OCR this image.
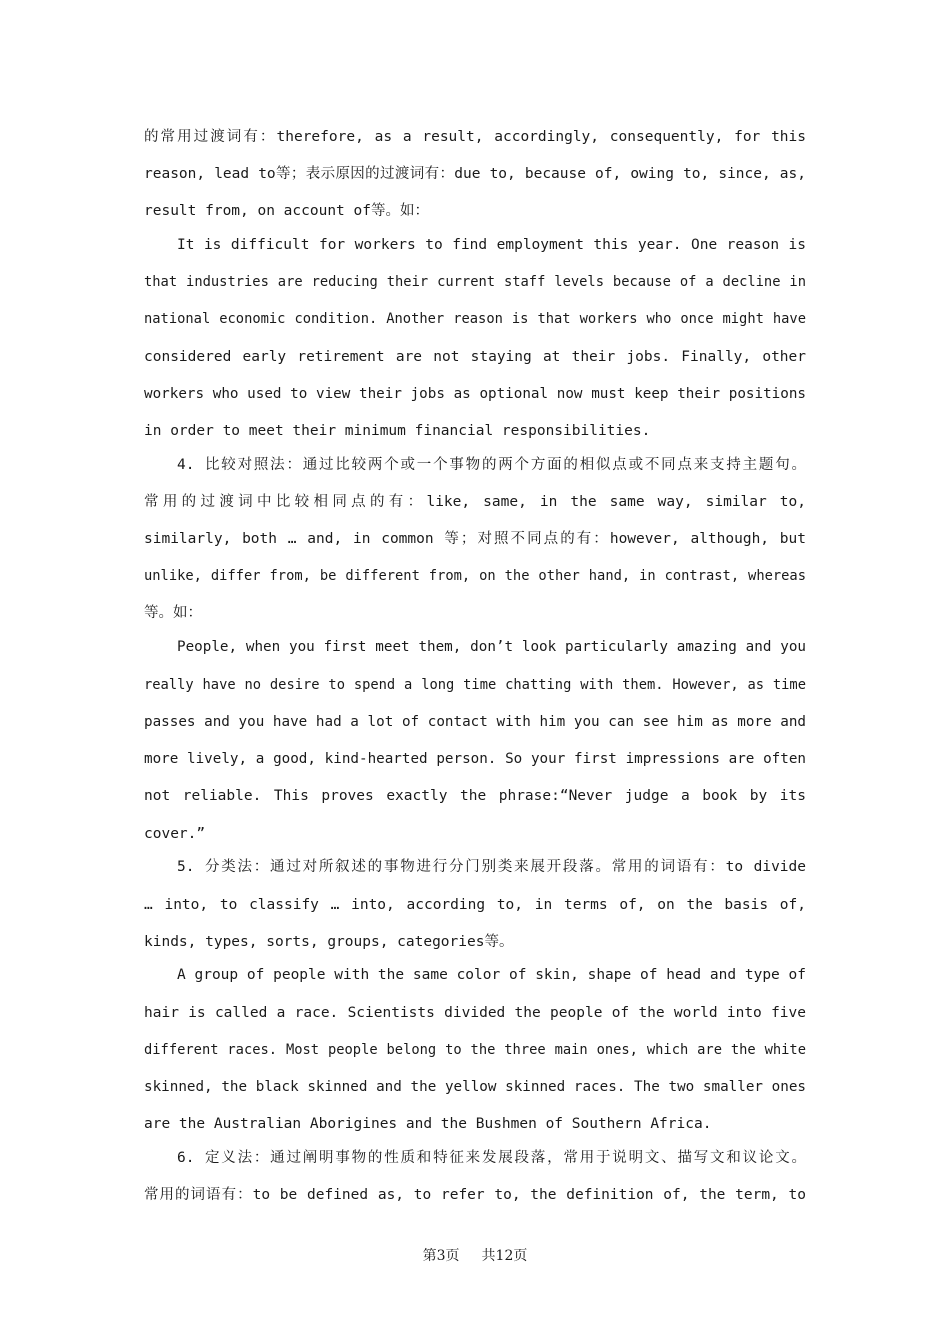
的常用过渡词有：therefore, as a result, accordingly, consequently, for this
reason, lead to等；表示原因的过渡词有：due to, because of, owing to, since, as,
result from, on account of等。如：
It is difficult for workers to find employment this year. One reason is
that industries are reducing their current staff levels because of a decline in
national economic condition. Another reason is that workers who once might have
considered early retirement are not staying at their jobs. Finally, other
workers who used to view their jobs as optional now must keep their positions
in order to meet their minimum financial responsibilities.
4. 比较对照法：通过比较两个或一个事物的两个方面的相似点或不同点来支持主题句。
常用的过渡词中比较相同点的有：like, same, in the same way, similar to,
similarly, both … and, in common 等；对照不同点的有：however, although, but
unlike, differ from, be different from, on the other hand, in contrast, whereas
等。如：
People, when you first meet them, don’t look particularly amazing and you
really have no desire to spend a long time chatting with them. However, as time
passes and you have had a lot of contact with him you can see him as more and
more lively, a good, kind-hearted person. So your first impressions are often
not reliable. This proves exactly the phrase:“Never judge a book by its
cover.”
5. 分类法：通过对所叙述的事物进行分门别类来展开段落。常用的词语有：to divide
… into, to classify … into, according to, in terms of, on the basis of,
kinds, types, sorts, groups, categories等。
A group of people with the same color of skin, shape of head and type of
hair is called a race. Scientists divided the people of the world into five
different races. Most people belong to the three main ones, which are the white
skinned, the black skinned and the yellow skinned races. The two smaller ones
are the Australian Aborigines and the Bushmen of Southern Africa.
6. 定义法：通过阐明事物的性质和特征来发展段落，常用于说明文、描写文和议论文。
常用的词语有：to be defined as, to refer to, the definition of, the term, to
第3页 共12页
